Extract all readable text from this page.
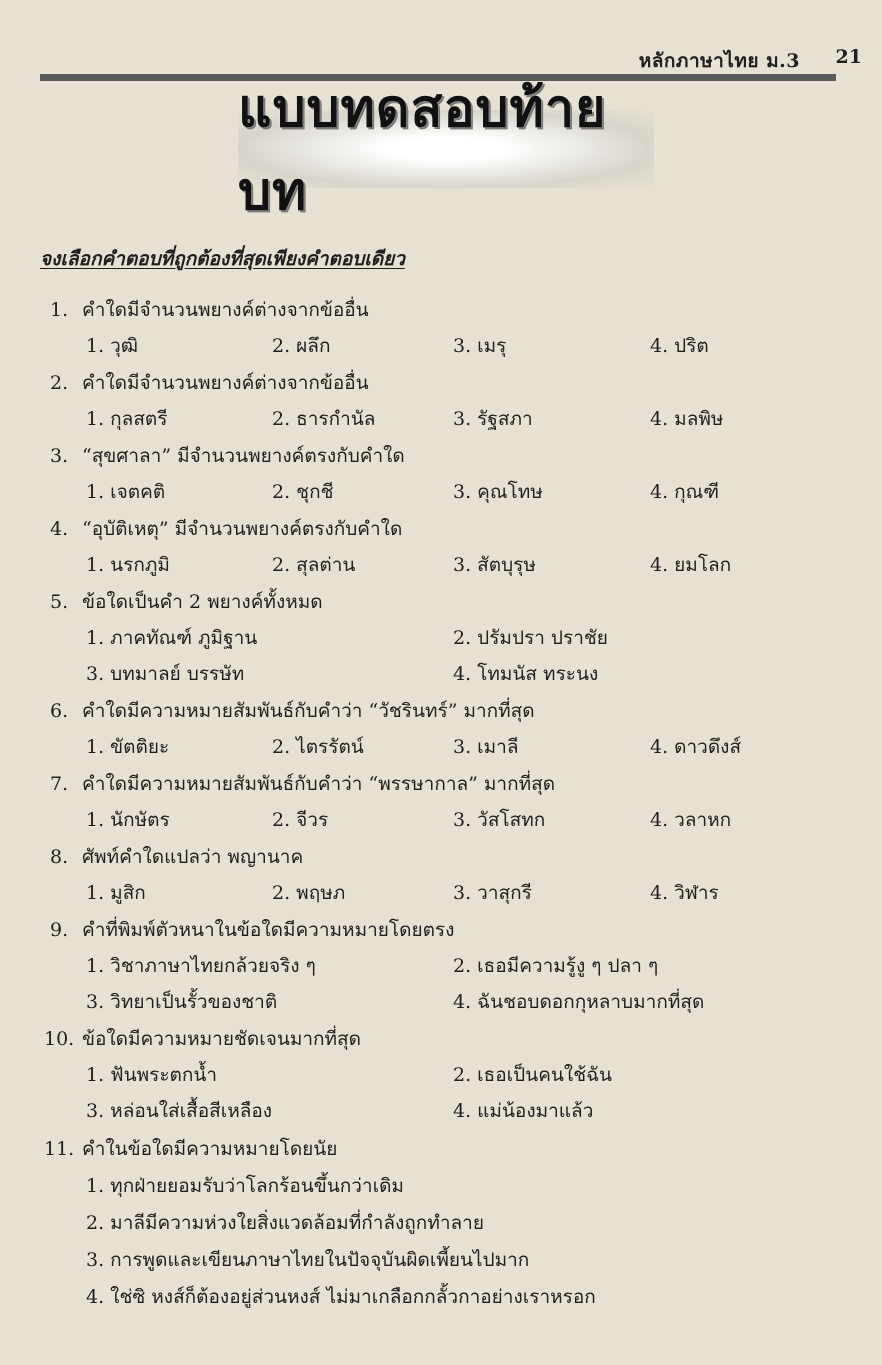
หลักภาษาไทย ม.3 21
แบบทดสอบท้ายบท
จงเลือกคำตอบที่ถูกต้องที่สุดเพียงคำตอบเดียว
1. คำใดมีจำนวนพยางค์ต่างจากข้ออื่น
1. วุฒิ	2. ผลึก	3. เมรุ	4. ปริต
2. คำใดมีจำนวนพยางค์ต่างจากข้ออื่น
1. กุลสตรี	2. ธารกำนัล	3. รัฐสภา	4. มลพิษ
3. “สุขศาลา” มีจำนวนพยางค์ตรงกับคำใด
1. เจตคติ	2. ชุกชี	3. คุณโทษ	4. กุณฑี
4. “อุบัติเหตุ” มีจำนวนพยางค์ตรงกับคำใด
1. นรกภูมิ	2. สุลต่าน	3. สัตบุรุษ	4. ยมโลก
5. ข้อใดเป็นคำ 2 พยางค์ทั้งหมด
1. ภาคทัณฑ์ ภูมิฐาน	2. ปรัมปรา ปราชัย
3. บทมาลย์ บรรษัท	4. โทมนัส ทระนง
6. คำใดมีความหมายสัมพันธ์กับคำว่า “วัชรินทร์” มากที่สุด
1. ขัตติยะ	2. ไตรรัตน์	3. เมาลี	4. ดาวดึงส์
7. คำใดมีความหมายสัมพันธ์กับคำว่า “พรรษากาล” มากที่สุด
1. นักษัตร	2. จีวร	3. วัสโสทก	4. วลาหก
8. ศัพท์คำใดแปลว่า พญานาค
1. มูสิก	2. พฤษภ	3. วาสุกรี	4. วิฬาร
9. คำที่พิมพ์ตัวหนาในข้อใดมีความหมายโดยตรง
1. วิชาภาษาไทยกล้วยจริง ๆ	2. เธอมีความรู้งู ๆ ปลา ๆ
3. วิทยาเป็นรั้วของชาติ	4. ฉันชอบดอกกุหลาบมากที่สุด
10. ข้อใดมีความหมายชัดเจนมากที่สุด
1. ฟันพระตกน้ำ	2. เธอเป็นคนใช้ฉัน
3. หล่อนใส่เสื้อสีเหลือง	4. แม่น้องมาแล้ว
11. คำในข้อใดมีความหมายโดยนัย
1. ทุกฝ่ายยอมรับว่าโลกร้อนขึ้นกว่าเดิม
2. มาลีมีความห่วงใยสิ่งแวดล้อมที่กำลังถูกทำลาย
3. การพูดและเขียนภาษาไทยในปัจจุบันผิดเพี้ยนไปมาก
4. ใช่ซิ หงส์ก็ต้องอยู่ส่วนหงส์ ไม่มาเกลือกกลั้วกาอย่างเราหรอก
